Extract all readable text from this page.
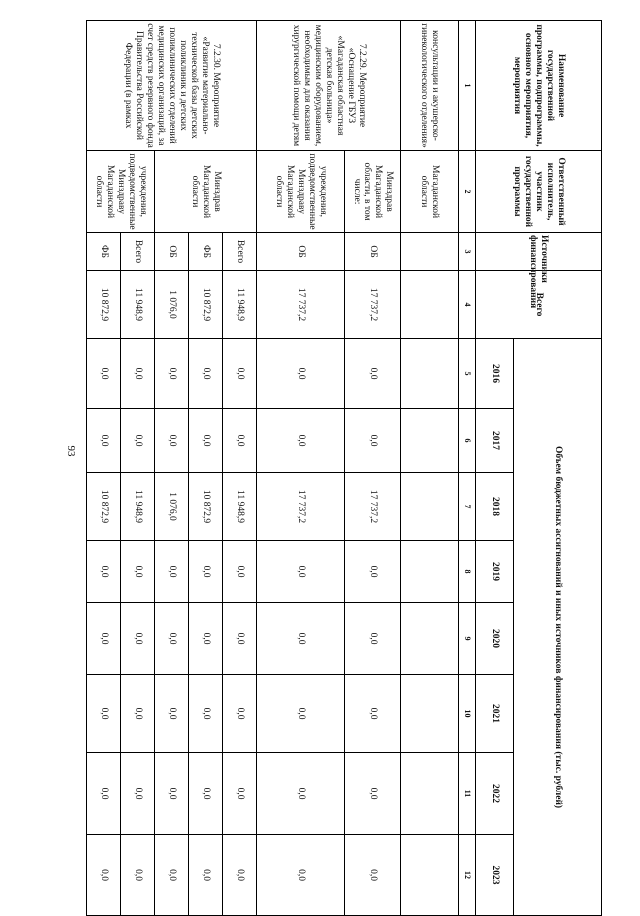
93
Наименование государственной программы, подпрограммы, основного мероприятия, мероприятия	Ответственный исполнитель, участник государственной программы	Источники финансирования	Всего	Объем бюджетных ассигнований и иных источников финансирования (тыс. рублей)							
				2016	2017	2018	2019	2020	2021	2022	2023
1	2	3	4	5	6	7	8	9	10	11	12
консультации и акушерско-гинекологического отделения»	Магаданской области										
7.2.29. Мероприятие «Оснащение ГБУЗ «Магаданская областная детская больница» медицинским оборудованием, необходимым для оказания хирургической помощи детям	Минздрав Магаданской области, в том числе:	ОБ	17 737,2	0,0	0,0	17 737,2	0,0	0,0	0,0	0,0	0,0
	учреждения, подведомственные Минздраву Магаданской области	ОБ	17 737,2	0,0	0,0	17 737,2	0,0	0,0	0,0	0,0	0,0
7.2.30. Мероприятие «Развитие материально-технической базы детских поликлиник и детских поликлинических отделений медицинских организаций, за счет средств резервного фонда Правительства Российской Федерации (в рамках	Минздрав Магаданской области	Всего	11 948,9	0,0	0,0	11 948,9	0,0	0,0	0,0	0,0	0,0
		ФБ	10 872,9	0,0	0,0	10 872,9	0,0	0,0	0,0	0,0	0,0
		ОБ	1 076,0	0,0	0,0	1 076,0	0,0	0,0	0,0	0,0	0,0
	учреждения, подведомственные Минздраву Магаданской области	Всего	11 948,9	0,0	0,0	11 948,9	0,0	0,0	0,0	0,0	0,0
		ФБ	10 872,9	0,0	0,0	10 872,9	0,0	0,0	0,0	0,0	0,0
